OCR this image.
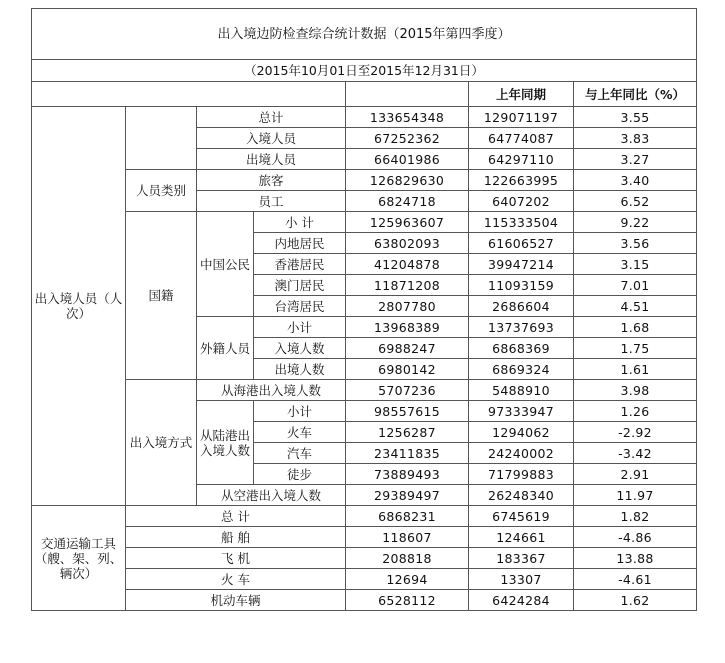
出入境边防检查综合统计数据（2015年第四季度）						
（2015年10月01日至2015年12月31日）						
					上年同期	与上年同比（%）
出入境人员（人次）		总计		133654348	129071197	3.55
		入境人员		67252362	64774087	3.83
		出境人员		66401986	64297110	3.27
	人员类别	旅客		126829630	122663995	3.40
		员工		6824718	6407202	6.52
	国籍	中国公民	小 计	125963607	115333504	9.22
			内地居民	63802093	61606527	3.56
			香港居民	41204878	39947214	3.15
			澳门居民	11871208	11093159	7.01
			台湾居民	2807780	2686604	4.51
		外籍人员	小计	13968389	13737693	1.68
			入境人数	6988247	6868369	1.75
			出境人数	6980142	6869324	1.61
	出入境方式	从海港出入境人数		5707236	5488910	3.98
		从陆港出入境人数	小计	98557615	97333947	1.26
			火车	1256287	1294062	-2.92
			汽车	23411835	24240002	-3.42
			徒步	73889493	71799883	2.91
		从空港出入境人数		29389497	26248340	11.97
交通运输工具（艘、架、列、辆次）	总 计			6868231	6745619	1.82
	船 舶			118607	124661	-4.86
	飞 机			208818	183367	13.88
	火 车			12694	13307	-4.61
	机动车辆			6528112	6424284	1.62
